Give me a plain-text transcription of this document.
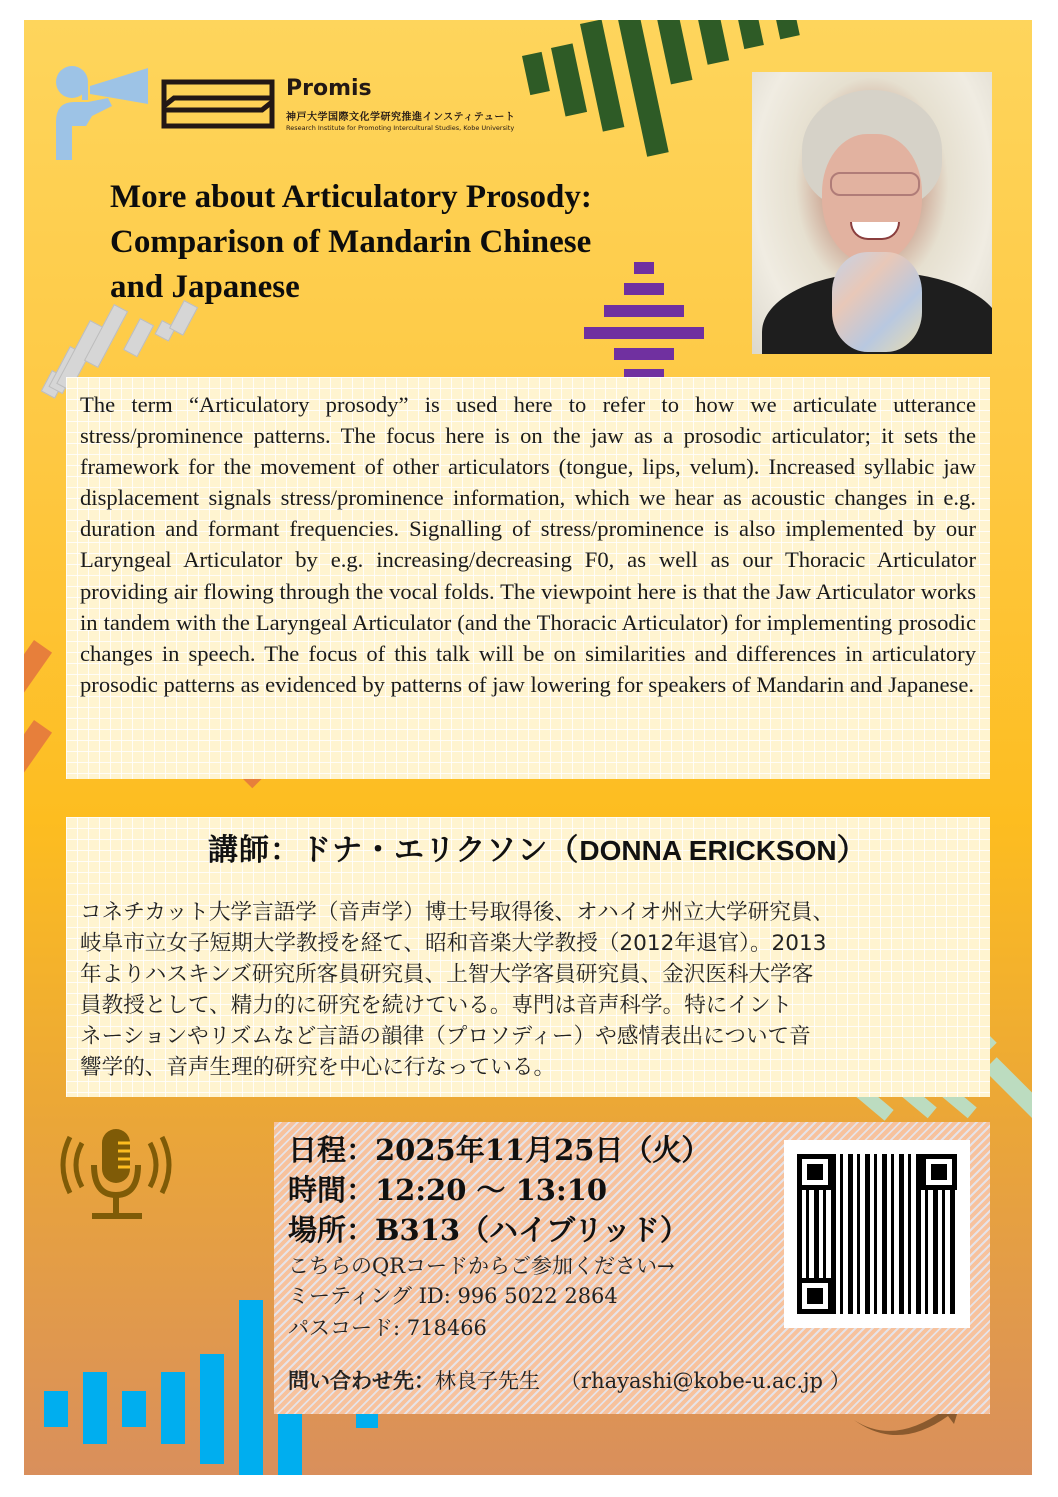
Promis
神戸大学国際文化学研究推進インスティテュート
Research Institute for Promoting Intercultural Studies, Kobe University
More about Articulatory Prosody:
Comparison of Mandarin Chinese
and Japanese

The term “Articulatory prosody” is used here to refer to how we articulate utterance stress/prominence patterns. The focus here is on the jaw as a prosodic articulator; it sets the framework for the movement of other articulators (tongue, lips, velum). Increased syllabic jaw displacement signals stress/prominence information, which we hear as acoustic changes in e.g. duration and formant frequencies. Signalling of stress/prominence is also implemented by our Laryngeal Articulator by e.g. increasing/decreasing F0, as well as our Thoracic Articulator providing air flowing through the vocal folds. The viewpoint here is that the Jaw Articulator works in tandem with the Laryngeal Articulator (and the Thoracic Articulator) for implementing prosodic changes in speech. The focus of this talk will be on similarities and differences in articulatory prosodic patterns as evidenced by patterns of jaw lowering for speakers of Mandarin and Japanese.

講師：ドナ・エリクソン（DONNA ERICKSON）
コネチカット大学言語学（音声学）博士号取得後、オハイオ州立大学研究員、
岐阜市立女子短期大学教授を経て、昭和音楽大学教授（2012年退官）。2013
年よりハスキンズ研究所客員研究員、上智大学客員研究員、金沢医科大学客
員教授として、精力的に研究を続けている。専門は音声科学。特にイント
ネーションやリズムなど言語の韻律（プロソディー）や感情表出について音
響学的、音声生理的研究を中心に行なっている。
日程：2025年11月25日（火）
時間：12:20 〜 13:10
場所：B313（ハイブリッド）
こちらのQRコードからご参加ください→
ミーティング ID: 996 5022 2864
パスコード: 718466
問い合わせ先：林良子先生 （rhayashi@kobe-u.ac.jp ）
